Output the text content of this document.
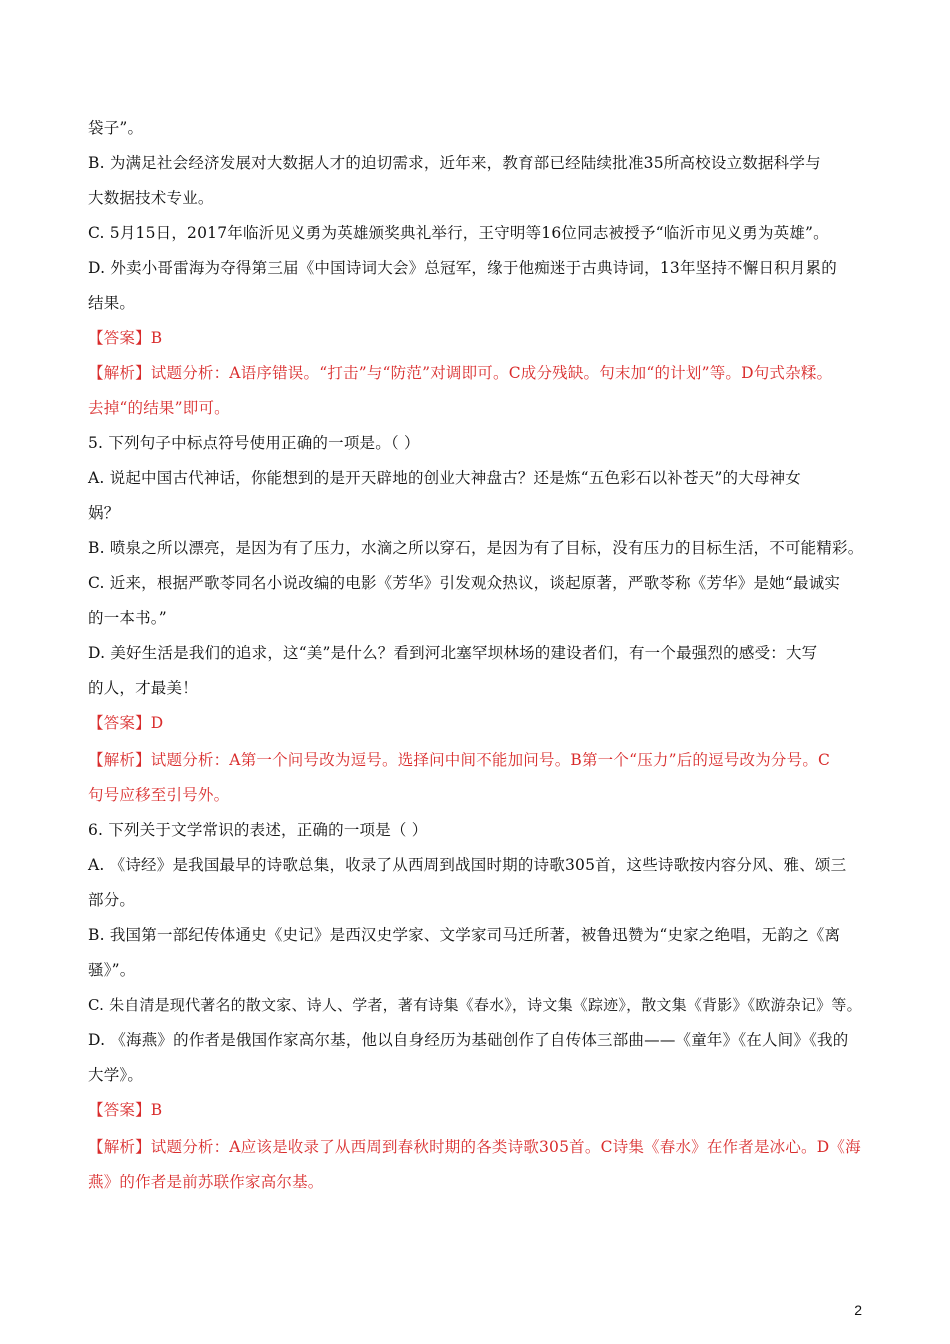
袋子”。
B. 为满足社会经济发展对大数据人才的迫切需求，近年来，教育部已经陆续批准35所高校设立数据科学与
大数据技术专业。
C. 5月15日，2017年临沂见义勇为英雄颁奖典礼举行，王守明等16位同志被授予“临沂市见义勇为英雄”。
D. 外卖小哥雷海为夺得第三届《中国诗词大会》总冠军，缘于他痴迷于古典诗词，13年坚持不懈日积月累的
结果。
【答案】B
【解析】试题分析：A语序错误。“打击”与“防范”对调即可。C成分残缺。句末加“的计划”等。D句式杂糅。
去掉“的结果”即可。
5. 下列句子中标点符号使用正确的一项是。（ ）
A. 说起中国古代神话，你能想到的是开天辟地的创业大神盘古？还是炼“五色彩石以补苍天”的大母神女
娲？
B. 喷泉之所以漂亮，是因为有了压力，水滴之所以穿石，是因为有了目标，没有压力的目标生活，不可能精彩。
C. 近来，根据严歌苓同名小说改编的电影《芳华》引发观众热议，谈起原著，严歌苓称《芳华》是她“最诚实
的一本书。”
D. 美好生活是我们的追求，这“美”是什么？看到河北塞罕坝林场的建设者们，有一个最强烈的感受：大写
的人，才最美！
【答案】D
【解析】试题分析：A第一个问号改为逗号。选择问中间不能加问号。B第一个“压力”后的逗号改为分号。C
句号应移至引号外。
6. 下列关于文学常识的表述，正确的一项是（ ）
A. 《诗经》是我国最早的诗歌总集，收录了从西周到战国时期的诗歌305首，这些诗歌按内容分风、雅、颂三
部分。
B. 我国第一部纪传体通史《史记》是西汉史学家、文学家司马迁所著，被鲁迅赞为“史家之绝唱，无韵之《离
骚》”。
C. 朱自清是现代著名的散文家、诗人、学者，著有诗集《春水》，诗文集《踪迹》，散文集《背影》《欧游杂记》等。
D. 《海燕》的作者是俄国作家高尔基，他以自身经历为基础创作了自传体三部曲——《童年》《在人间》《我的
大学》。
【答案】B
【解析】试题分析：A应该是收录了从西周到春秋时期的各类诗歌305首。C诗集《春水》在作者是冰心。D《海
燕》的作者是前苏联作家高尔基。
2
